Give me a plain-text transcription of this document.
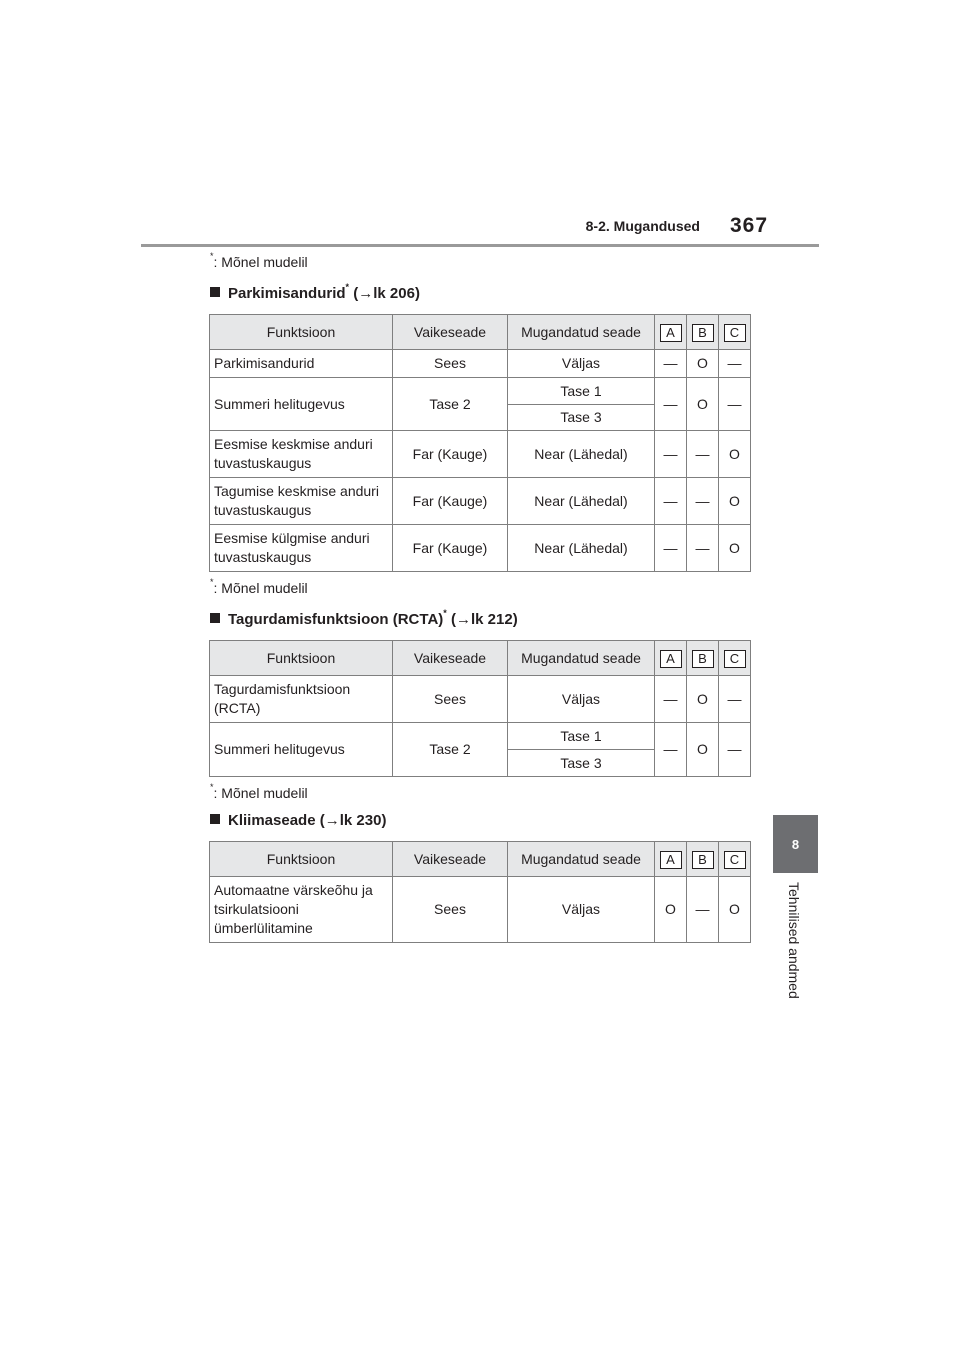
8-2. Mugandused 367
8
Tehnilised andmed
*: Mõnel mudelil
Parkimisandurid* (→lk 206)
Funktsioon	Vaikeseade	Mugandatud seade	A	B	C
Parkimisandurid	Sees	Väljas	—	O	—
Summeri helitugevus	Tase 2	Tase 1	—	O	—
		Tase 3			
Eesmise keskmise anduri tuvastuskaugus	Far (Kauge)	Near (Lähedal)	—	—	O
Tagumise keskmise anduri tuvastuskaugus	Far (Kauge)	Near (Lähedal)	—	—	O
Eesmise külgmise anduri tuvastuskaugus	Far (Kauge)	Near (Lähedal)	—	—	O
*: Mõnel mudelil
Tagurdamisfunktsioon (RCTA)* (→lk 212)
Funktsioon	Vaikeseade	Mugandatud seade	A	B	C
Tagurdamisfunktsioon (RCTA)	Sees	Väljas	—	O	—
Summeri helitugevus	Tase 2	Tase 1	—	O	—
		Tase 3			
*: Mõnel mudelil
Kliimaseade (→lk 230)
Funktsioon	Vaikeseade	Mugandatud seade	A	B	C
Automaatne värskeõhu ja tsirkulatsiooni ümberlülitamine	Sees	Väljas	O	—	O
